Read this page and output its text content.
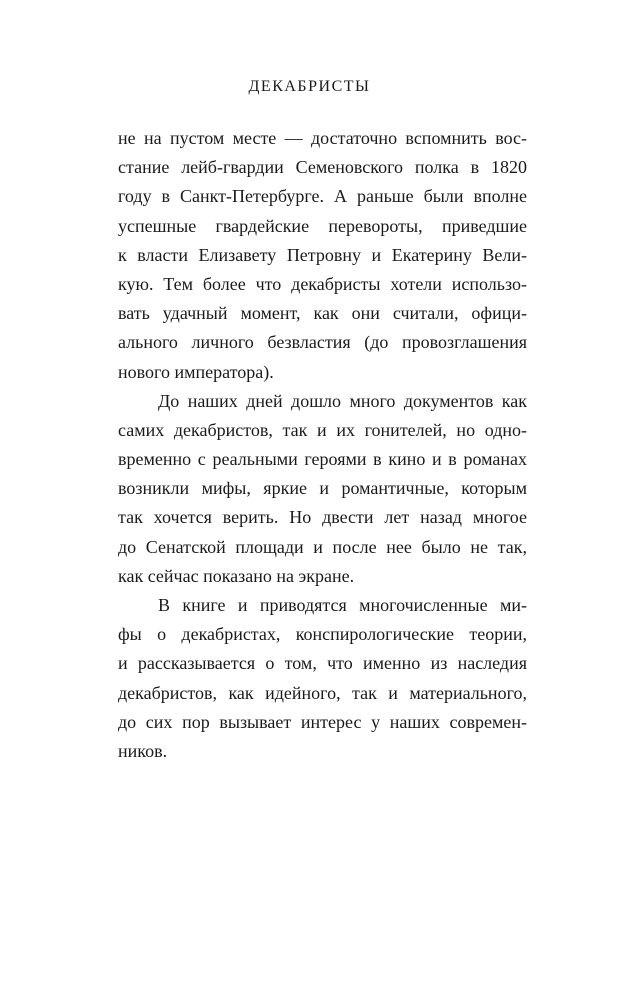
ДЕКАБРИСТЫ
не на пустом месте — достаточно вспомнить вос-
стание лейб-гвардии Семеновского полка в 1820
году в Санкт-Петербурге. А раньше были вполне
успешные гвардейские перевороты, приведшие
к власти Елизавету Петровну и Екатерину Вели-
кую. Тем более что декабристы хотели использо-
вать удачный момент, как они считали, офици-
ального личного безвластия (до провозглашения
нового императора).
До наших дней дошло много документов как
самих декабристов, так и их гонителей, но одно-
временно с реальными героями в кино и в романах
возникли мифы, яркие и романтичные, которым
так хочется верить. Но двести лет назад многое
до Сенатской площади и после нее было не так,
как сейчас показано на экране.
В книге и приводятся многочисленные ми-
фы о декабристах, конспирологические теории,
и рассказывается о том, что именно из наследия
декабристов, как идейного, так и материального,
до сих пор вызывает интерес у наших современ-
ников.
